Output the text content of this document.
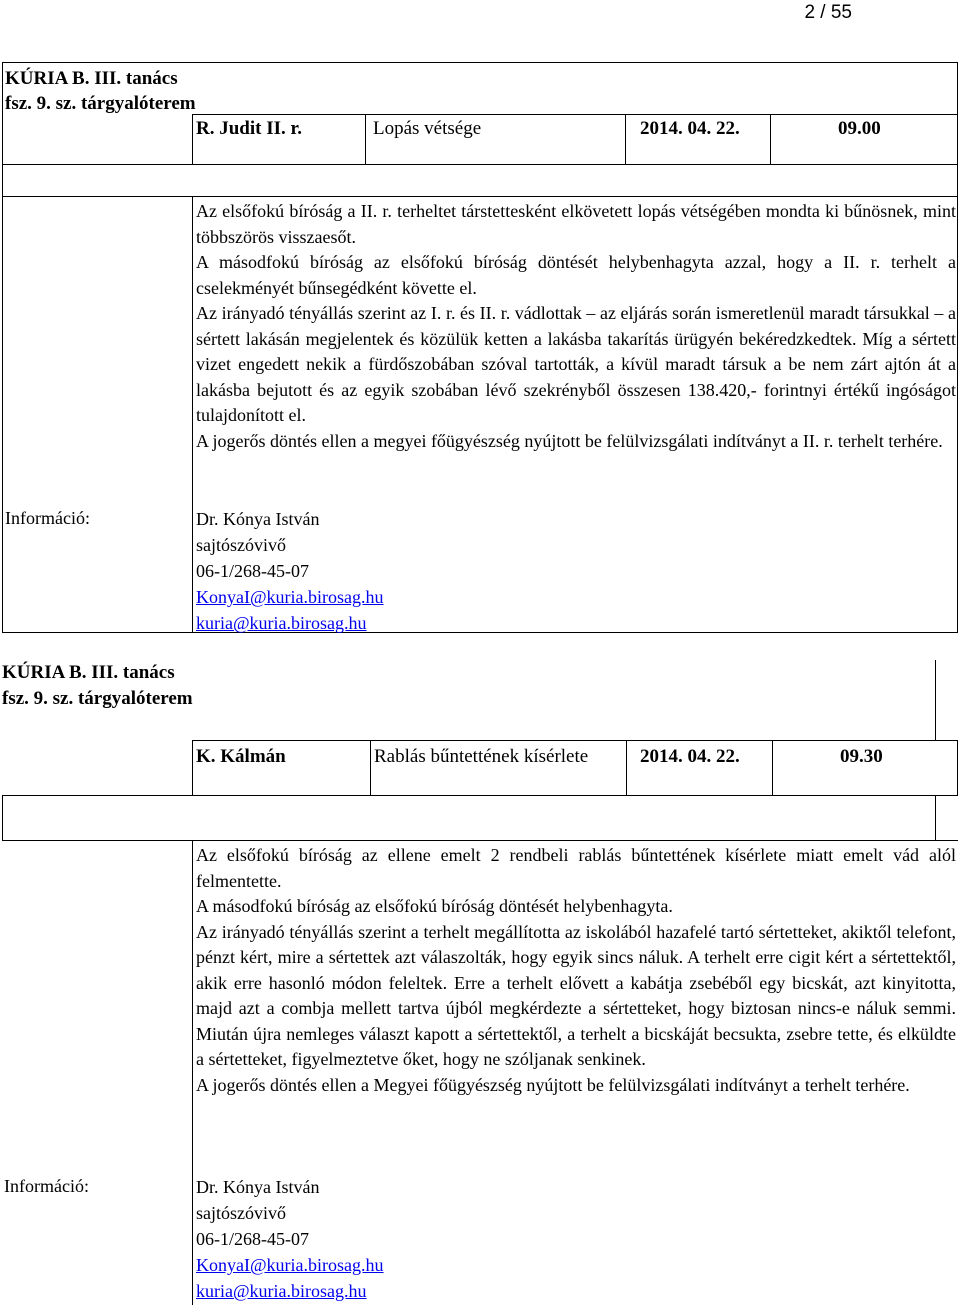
2 / 55
KÚRIA B. III. tanács
fsz. 9. sz. tárgyalóterem
R. Judit II. r.	Lopás vétsége	2014. 04. 22.	09.00
Információ:

Az elsőfokú bíróság a II. r. terheltet társtettesként elkövetett lopás vétségében mondta ki bűnösnek, mint többszörös visszaesőt.

A másodfokú bíróság az elsőfokú bíróság döntését helybenhagyta azzal, hogy a II. r. terhelt a cselekményét bűnsegédként követte el.

Az irányadó tényállás szerint az I. r. és II. r. vádlottak – az eljárás során ismeretlenül maradt társukkal – a sértett lakásán megjelentek és közülük ketten a lakásba takarítás ürügyén bekéredzkedtek. Míg a sértett vizet engedett nekik a fürdőszobában szóval tartották, a kívül maradt társuk a be nem zárt ajtón át a lakásba bejutott és az egyik szobában lévő szekrényből összesen 138.420,- forintnyi értékű ingóságot tulajdonított el.

A jogerős döntés ellen a megyei főügyészség nyújtott be felülvizsgálati indítványt a II. r. terhelt terhére.

Dr. Kónya István
sajtószóvivő
06-1/268-45-07
KonyaI@kuria.birosag.hu
kuria@kuria.birosag.hu
KÚRIA B. III. tanács
fsz. 9. sz. tárgyalóterem
K. Kálmán	Rablás bűntettének kísérlete	2014. 04. 22.	09.30
Információ:

Az elsőfokú bíróság az ellene emelt 2 rendbeli rablás bűntettének kísérlete miatt emelt vád alól felmentette.

A másodfokú bíróság az elsőfokú bíróság döntését helybenhagyta.

Az irányadó tényállás szerint a terhelt megállította az iskolából hazafelé tartó sértetteket, akiktől telefont, pénzt kért, mire a sértettek azt válaszolták, hogy egyik sincs náluk. A terhelt erre cigit kért a sértettektől, akik erre hasonló módon feleltek. Erre a terhelt elővett a kabátja zsebéből egy bicskát, azt kinyitotta, majd azt a combja mellett tartva újból megkérdezte a sértetteket, hogy biztosan nincs-e náluk semmi. Miután újra nemleges választ kapott a sértettektől, a terhelt a bicskáját becsukta, zsebre tette, és elküldte a sértetteket, figyelmeztetve őket, hogy ne szóljanak senkinek.

A jogerős döntés ellen a Megyei főügyészség nyújtott be felülvizsgálati indítványt a terhelt terhére.

Dr. Kónya István
sajtószóvivő
06-1/268-45-07
KonyaI@kuria.birosag.hu
kuria@kuria.birosag.hu
